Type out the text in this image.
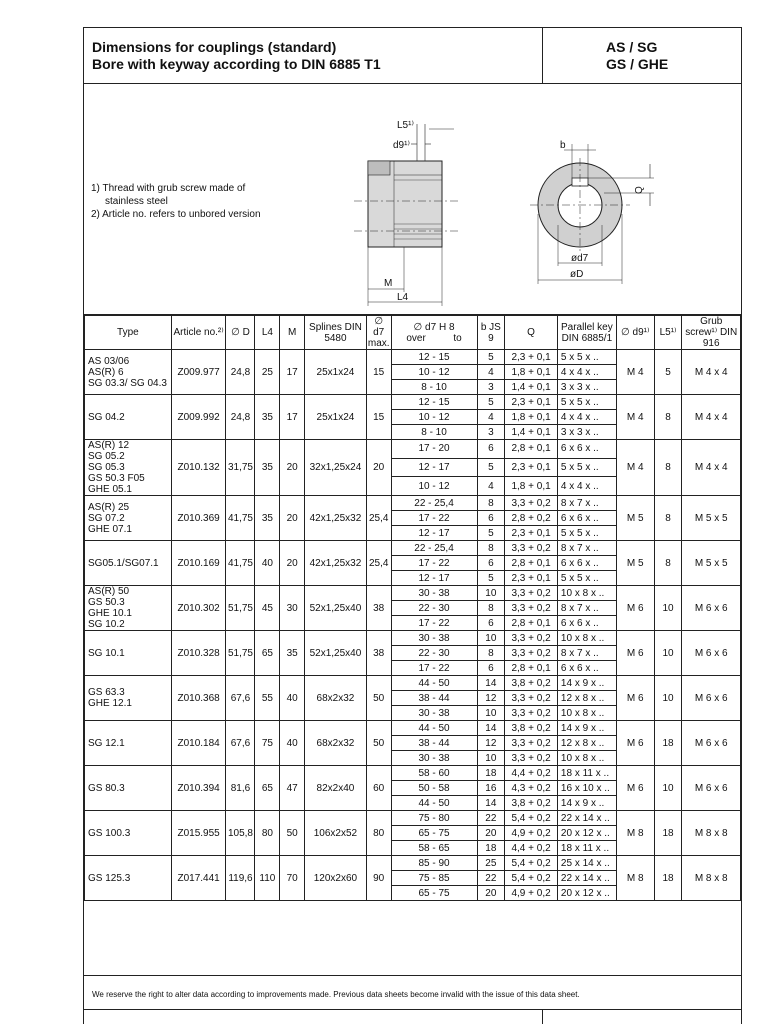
Dimensions for couplings (standard)
Bore with keyway according to DIN 6885 T1
AS / SG
GS / GHE
1) Thread with grub screw made of stainless steel
2) Article no. refers to unbored version
L5¹⁾
d9¹⁾
M
L4
b
Q
ød7
øD
Type	Article no.²⁾	∅ D	L4	M	Splines DIN 5480	∅ d7 max.	∅ d7 H 8
over to	b JS 9	Q	Parallel key DIN 6885/1	∅ d9¹⁾	L5¹⁾	Grub screw¹⁾ DIN 916
AS 03/06
AS(R) 6
SG 03.3/ SG 04.3	Z009.977	24,8	25	17	25x1x24	15	12 - 15	5	2,3 + 0,1	5 x 5 x ..	M 4	5	M 4 x 4
							10 - 12	4	1,8 + 0,1	4 x 4 x ..			
							8 - 10	3	1,4 + 0,1	3 x 3 x ..			
SG 04.2	Z009.992	24,8	35	17	25x1x24	15	12 - 15	5	2,3 + 0,1	5 x 5 x ..	M 4	8	M 4 x 4
							10 - 12	4	1,8 + 0,1	4 x 4 x ..			
							8 - 10	3	1,4 + 0,1	3 x 3 x ..			
AS(R) 12
SG 05.2
SG 05.3
GS 50.3 F05
GHE 05.1	Z010.132	31,75	35	20	32x1,25x24	20	17 - 20	6	2,8 + 0,1	6 x 6 x ..	M 4	8	M 4 x 4
							12 - 17	5	2,3 + 0,1	5 x 5 x ..			
							10 - 12	4	1,8 + 0,1	4 x 4 x ..			
AS(R) 25
SG 07.2
GHE 07.1	Z010.369	41,75	35	20	42x1,25x32	25,4	22 - 25,4	8	3,3 + 0,2	8 x 7 x ..	M 5	8	M 5 x 5
							17 - 22	6	2,8 + 0,2	6 x 6 x ..			
							12 - 17	5	2,3 + 0,1	5 x 5 x ..			
SG05.1/SG07.1	Z010.169	41,75	40	20	42x1,25x32	25,4	22 - 25,4	8	3,3 + 0,2	8 x 7 x ..	M 5	8	M 5 x 5
							17 - 22	6	2,8 + 0,1	6 x 6 x ..			
							12 - 17	5	2,3 + 0,1	5 x 5 x ..			
AS(R) 50
GS 50.3
GHE 10.1
SG 10.2	Z010.302	51,75	45	30	52x1,25x40	38	30 - 38	10	3,3 + 0,2	10 x 8 x ..	M 6	10	M 6 x 6
							22 - 30	8	3,3 + 0,2	8 x 7 x ..			
							17 - 22	6	2,8 + 0,1	6 x 6 x ..			
SG 10.1	Z010.328	51,75	65	35	52x1,25x40	38	30 - 38	10	3,3 + 0,2	10 x 8 x ..	M 6	10	M 6 x 6
							22 - 30	8	3,3 + 0,2	8 x 7 x ..			
							17 - 22	6	2,8 + 0,1	6 x 6 x ..			
GS 63.3
GHE 12.1	Z010.368	67,6	55	40	68x2x32	50	44 - 50	14	3,8 + 0,2	14 x 9 x ..	M 6	10	M 6 x 6
							38 - 44	12	3,3 + 0,2	12 x 8 x ..			
							30 - 38	10	3,3 + 0,2	10 x 8 x ..			
SG 12.1	Z010.184	67,6	75	40	68x2x32	50	44 - 50	14	3,8 + 0,2	14 x 9 x ..	M 6	18	M 6 x 6
							38 - 44	12	3,3 + 0,2	12 x 8 x ..			
							30 - 38	10	3,3 + 0,2	10 x 8 x ..			
GS 80.3	Z010.394	81,6	65	47	82x2x40	60	58 - 60	18	4,4 + 0,2	18 x 11 x ..	M 6	10	M 6 x 6
							50 - 58	16	4,3 + 0,2	16 x 10 x ..			
							44 - 50	14	3,8 + 0,2	14 x 9 x ..			
GS 100.3	Z015.955	105,8	80	50	106x2x52	80	75 - 80	22	5,4 + 0,2	22 x 14 x ..	M 8	18	M 8 x 8
							65 - 75	20	4,9 + 0,2	20 x 12 x ..			
							58 - 65	18	4,4 + 0,2	18 x 11 x ..			
GS 125.3	Z017.441	119,6	110	70	120x2x60	90	85 - 90	25	5,4 + 0,2	25 x 14 x ..	M 8	18	M 8 x 8
							75 - 85	22	5,4 + 0,2	22 x 14 x ..			
							65 - 75	20	4,9 + 0,2	20 x 12 x ..			
We reserve the right to alter data according to improvements made. Previous data sheets become invalid with the issue of this data sheet.
